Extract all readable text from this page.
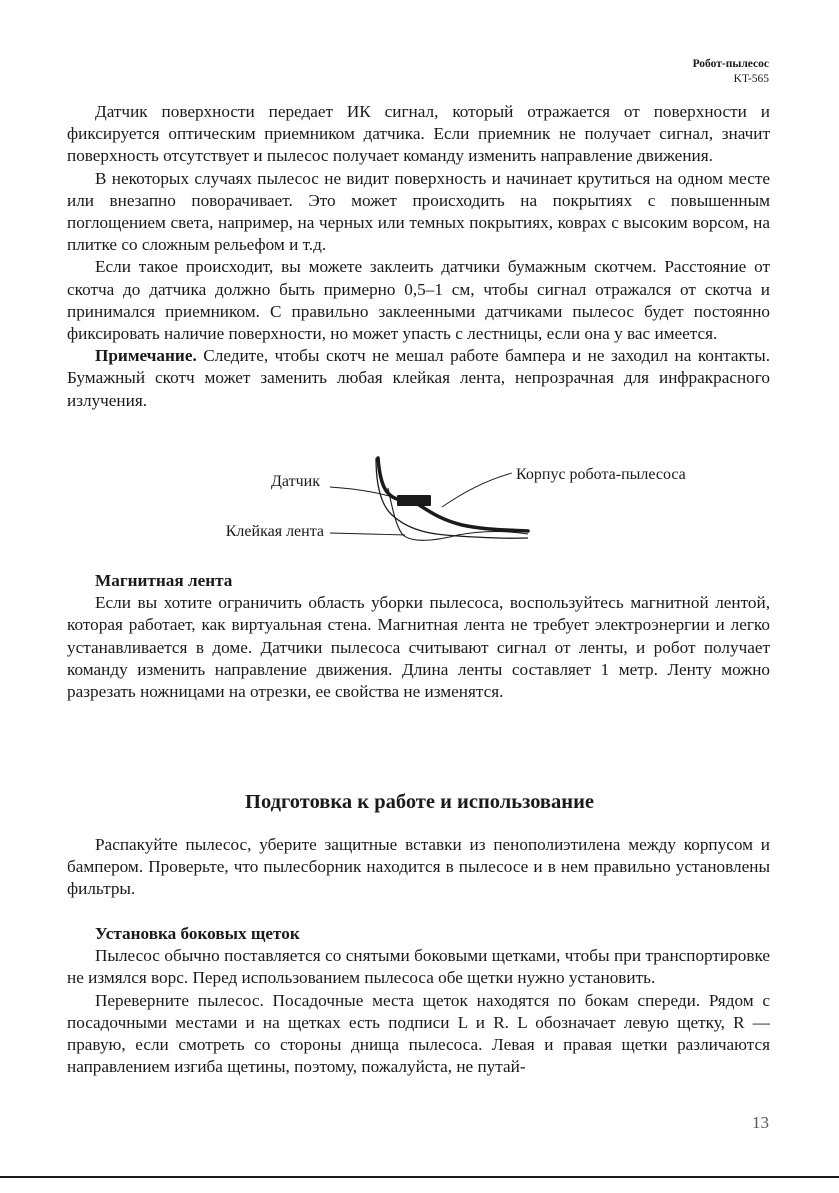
Робот-пылесос
KT-565

Датчик поверхности передает ИК сигнал, который отражается от поверхности и фиксируется оптическим приемником датчика. Если приемник не получает сигнал, значит поверхность отсутствует и пылесос получает команду изменить направление движения.

В некоторых случаях пылесос не видит поверхность и начинает крутиться на одном месте или внезапно поворачивает. Это может происходить на покрытиях с повышенным поглощением света, например, на черных или темных покрытиях, коврах с высоким ворсом, на плитке со сложным рельефом и т.д.

Если такое происходит, вы можете заклеить датчики бумажным скотчем. Расстояние от скотча до датчика должно быть примерно 0,5–1 см, чтобы сигнал отражался от скотча и принимался приемником. С правильно заклеенными датчиками пылесос будет постоянно фиксировать наличие поверхности, но может упасть с лестницы, если она у вас имеется.

Примечание. Следите, чтобы скотч не мешал работе бампера и не заходил на контакты. Бумажный скотч может заменить любая клейкая лента, непрозрачная для инфракрасного излучения.

Датчик	Корпус робота-пылесоса
Клейкая лента

Магнитная лента

Если вы хотите ограничить область уборки пылесоса, воспользуйтесь магнитной лентой, которая работает, как виртуальная стена. Магнитная лента не требует электроэнергии и легко устанавливается в доме. Датчики пылесоса считывают сигнал от ленты, и робот получает команду изменить направление движения. Длина ленты составляет 1 метр. Ленту можно разрезать ножницами на отрезки, ее свойства не изменятся.

Подготовка к работе и использование

Распакуйте пылесос, уберите защитные вставки из пенополиэтилена между корпусом и бампером. Проверьте, что пылесборник находится в пылесосе и в нем правильно установлены фильтры.

Установка боковых щеток

Пылесос обычно поставляется со снятыми боковыми щетками, чтобы при транспортировке не измялся ворс. Перед использованием пылесоса обе щетки нужно установить.

Переверните пылесос. Посадочные места щеток находятся по бокам спереди. Рядом с посадочными местами и на щетках есть подписи L и R. L обозначает левую щетку, R — правую, если смотреть со стороны днища пылесоса. Левая и правая щетки различаются направлением изгиба щетины, поэтому, пожалуйста, не путай-

13
